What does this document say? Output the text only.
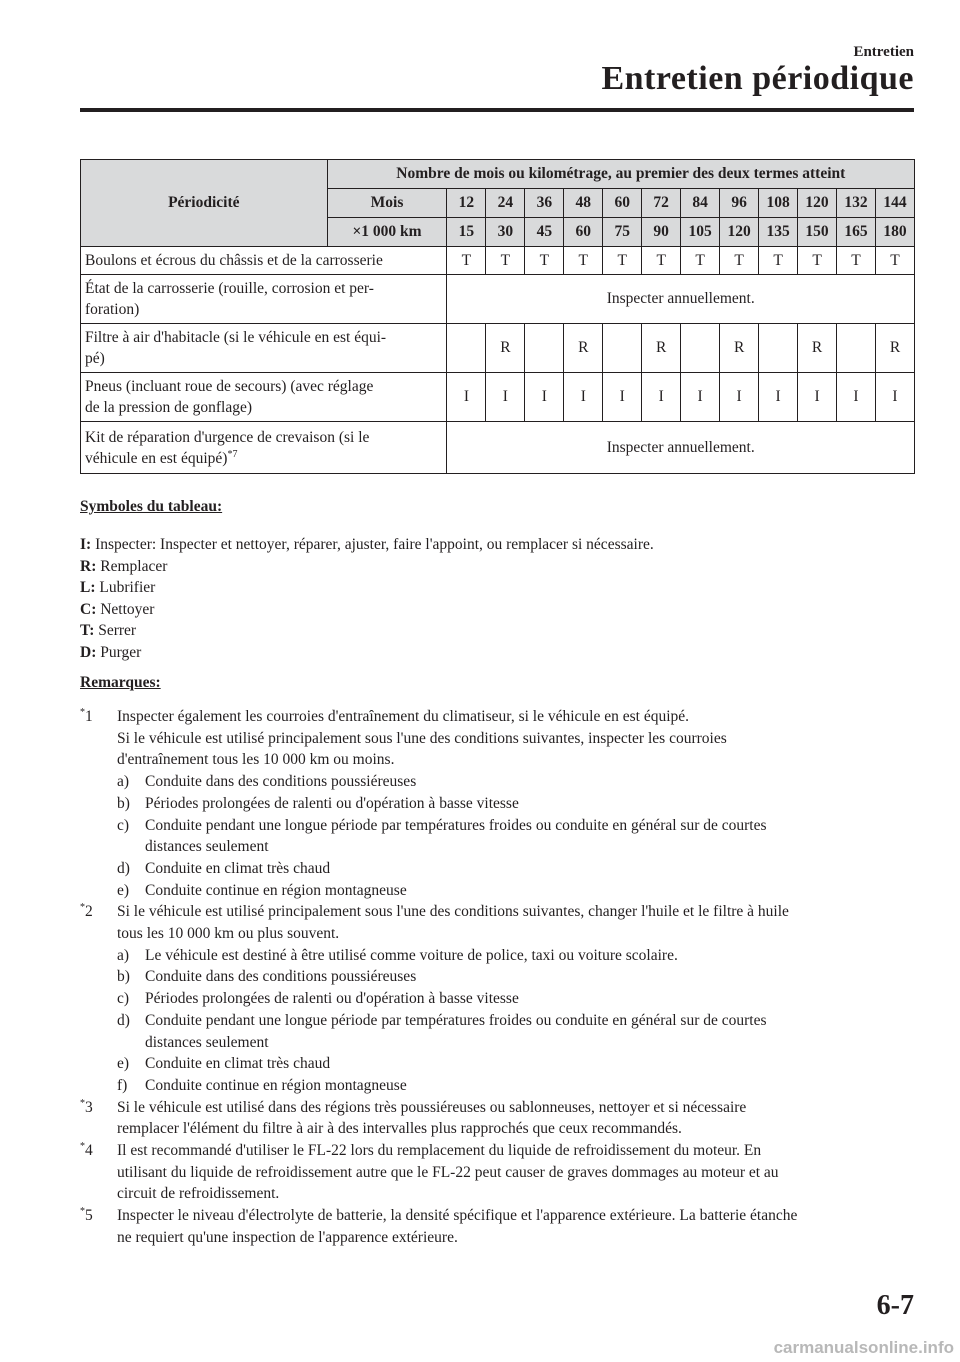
Entretien
Entretien périodique
Périodicité	Nombre de mois ou kilométrage, au premier des deux termes atteint												
	Mois	12	24	36	48	60	72	84	96	108	120	132	144
	×1 000 km	15	30	45	60	75	90	105	120	135	150	165	180
Boulons et écrous du châssis et de la carrosserie		T	T	T	T	T	T	T	T	T	T	T	T
État de la carrosserie (rouille, corrosion et per-
foration)		Inspecter annuellement.											
Filtre à air d'habitacle (si le véhicule en est équi-
pé)			R		R		R		R		R		R
Pneus (incluant roue de secours) (avec réglage
de la pression de gonflage)		I	I	I	I	I	I	I	I	I	I	I	I
Kit de réparation d'urgence de crevaison (si le
véhicule en est équipé)$^{*7}$		Inspecter annuellement.											
Symboles du tableau:
I: Inspecter: Inspecter et nettoyer, réparer, ajuster, faire l'appoint, ou remplacer si nécessaire.
R: Remplacer
L: Lubrifier
C: Nettoyer
T: Serrer
D: Purger
Remarques:
*1 Inspecter également les courroies d'entraînement du climatiseur, si le véhicule en est équipé.
Si le véhicule est utilisé principalement sous l'une des conditions suivantes, inspecter les courroies
d'entraînement tous les 10 000 km ou moins.
a) Conduite dans des conditions poussiéreuses
b) Périodes prolongées de ralenti ou d'opération à basse vitesse
c) Conduite pendant une longue période par températures froides ou conduite en général sur de courtes
distances seulement
d) Conduite en climat très chaud
e) Conduite continue en région montagneuse
*2 Si le véhicule est utilisé principalement sous l'une des conditions suivantes, changer l'huile et le filtre à huile
tous les 10 000 km ou plus souvent.
a) Le véhicule est destiné à être utilisé comme voiture de police, taxi ou voiture scolaire.
b) Conduite dans des conditions poussiéreuses
c) Périodes prolongées de ralenti ou d'opération à basse vitesse
d) Conduite pendant une longue période par températures froides ou conduite en général sur de courtes
distances seulement
e) Conduite en climat très chaud
f) Conduite continue en région montagneuse
*3 Si le véhicule est utilisé dans des régions très poussiéreuses ou sablonneuses, nettoyer et si nécessaire
remplacer l'élément du filtre à air à des intervalles plus rapprochés que ceux recommandés.
*4 Il est recommandé d'utiliser le FL-22 lors du remplacement du liquide de refroidissement du moteur. En
utilisant du liquide de refroidissement autre que le FL-22 peut causer de graves dommages au moteur et au
circuit de refroidissement.
*5 Inspecter le niveau d'électrolyte de batterie, la densité spécifique et l'apparence extérieure. La batterie étanche
ne requiert qu'une inspection de l'apparence extérieure.
6-7
carmanualsonline.info
